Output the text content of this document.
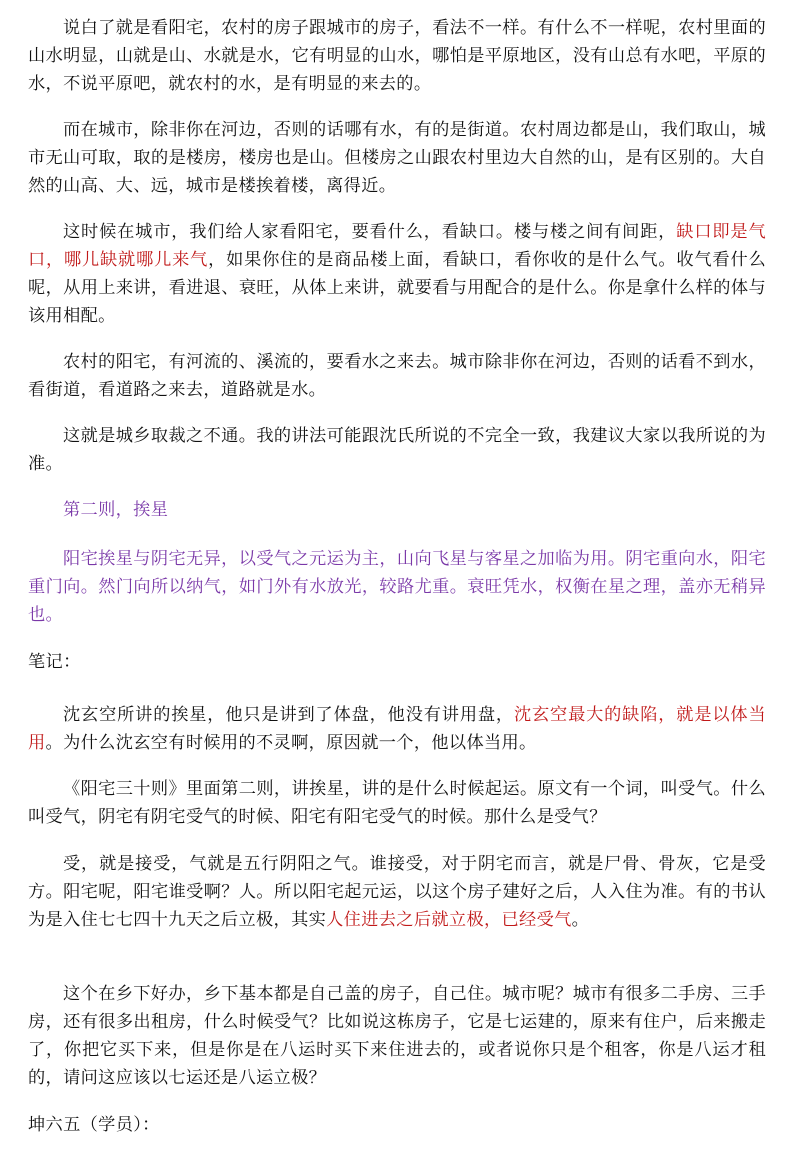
说白了就是看阳宅，农村的房子跟城市的房子，看法不一样。有什么不一样呢，农村里面的山水明显，山就是山、水就是水，它有明显的山水，哪怕是平原地区，没有山总有水吧，平原的水，不说平原吧，就农村的水，是有明显的来去的。

而在城市，除非你在河边，否则的话哪有水，有的是街道。农村周边都是山，我们取山，城市无山可取，取的是楼房，楼房也是山。但楼房之山跟农村里边大自然的山，是有区别的。大自然的山高、大、远，城市是楼挨着楼，离得近。

这时候在城市，我们给人家看阳宅，要看什么，看缺口。楼与楼之间有间距，缺口即是气口，哪儿缺就哪儿来气，如果你住的是商品楼上面，看缺口，看你收的是什么气。收气看什么呢，从用上来讲，看进退、衰旺，从体上来讲，就要看与用配合的是什么。你是拿什么样的体与该用相配。

农村的阳宅，有河流的、溪流的，要看水之来去。城市除非你在河边，否则的话看不到水，看街道，看道路之来去，道路就是水。

这就是城乡取裁之不通。我的讲法可能跟沈氏所说的不完全一致，我建议大家以我所说的为准。

第二则，挨星

阳宅挨星与阴宅无异，以受气之元运为主，山向飞星与客星之加临为用。阴宅重向水，阳宅重门向。然门向所以纳气，如门外有水放光，较路尤重。衰旺凭水，权衡在星之理，盖亦无稍异也。

笔记：

沈玄空所讲的挨星，他只是讲到了体盘，他没有讲用盘，沈玄空最大的缺陷，就是以体当用。为什么沈玄空有时候用的不灵啊，原因就一个，他以体当用。

《阳宅三十则》里面第二则，讲挨星，讲的是什么时候起运。原文有一个词，叫受气。什么叫受气，阴宅有阴宅受气的时候、阳宅有阳宅受气的时候。那什么是受气？

受，就是接受，气就是五行阴阳之气。谁接受，对于阴宅而言，就是尸骨、骨灰，它是受方。阳宅呢，阳宅谁受啊？人。所以阳宅起元运，以这个房子建好之后，人入住为准。有的书认为是入住七七四十九天之后立极，其实人住进去之后就立极，已经受气。

这个在乡下好办，乡下基本都是自己盖的房子，自己住。城市呢？城市有很多二手房、三手房，还有很多出租房，什么时候受气？比如说这栋房子，它是七运建的，原来有住户，后来搬走了，你把它买下来，但是你是在八运时买下来住进去的，或者说你只是个租客，你是八运才租的，请问这应该以七运还是八运立极？

坤六五（学员）：
